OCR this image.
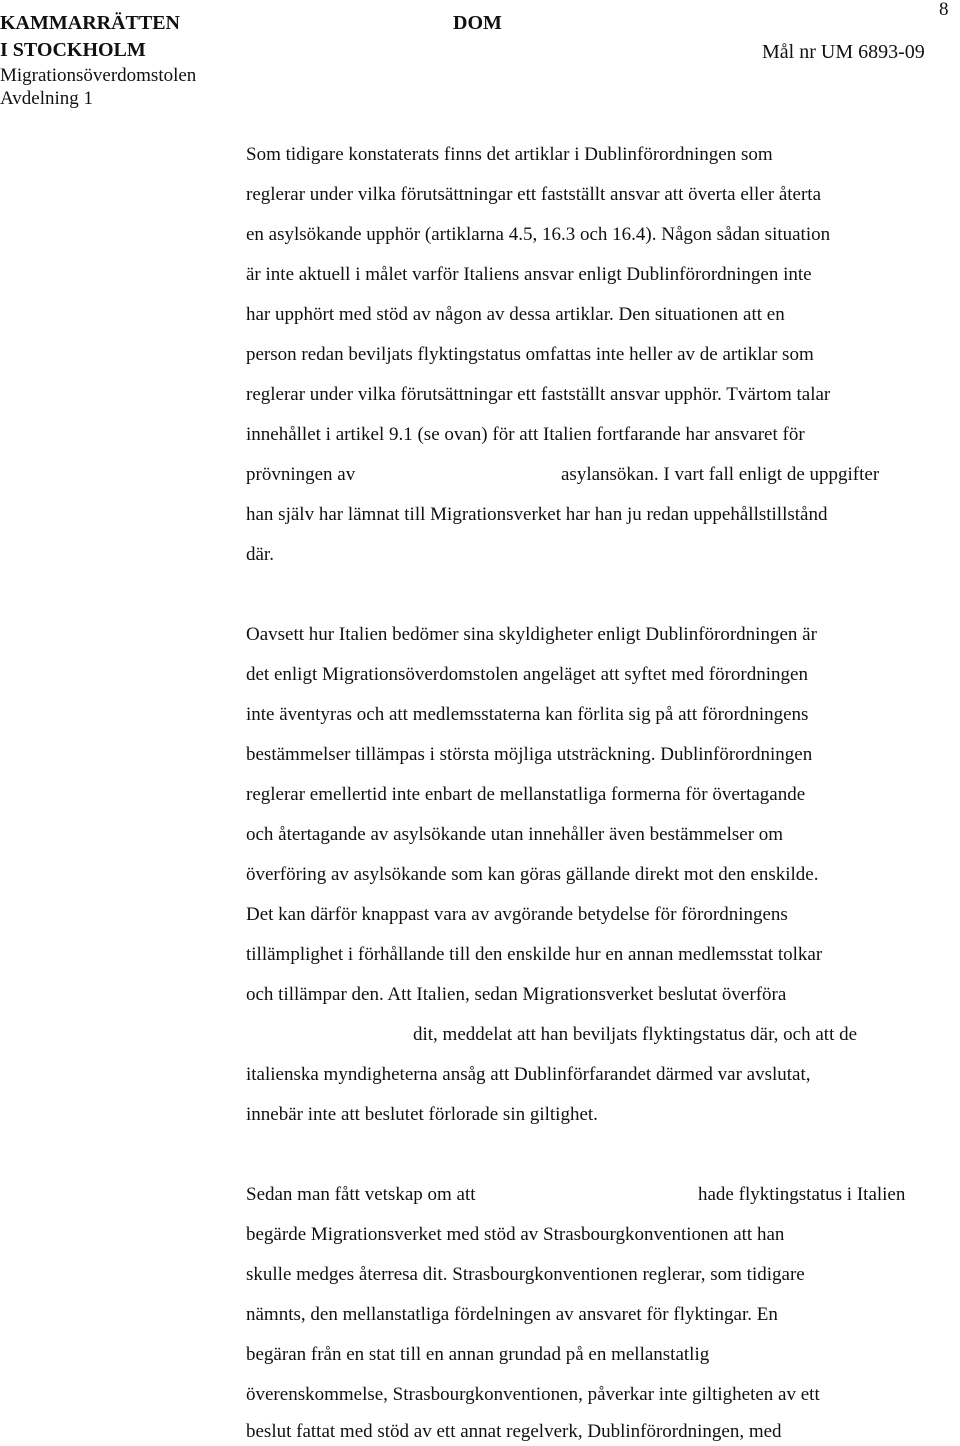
KAMMARRÄTTEN

I STOCKHOLM

Migrationsöverdomstolen

Avdelning 1

DOM

8

Mål nr UM 6893-09

Som tidigare konstaterats finns det artiklar i Dublinförordningen som

reglerar under vilka förutsättningar ett fastställt ansvar att överta eller återta

en asylsökande upphör (artiklarna 4.5, 16.3 och 16.4). Någon sådan situation

är inte aktuell i målet varför Italiens ansvar enligt Dublinförordningen inte

har upphört med stöd av någon av dessa artiklar. Den situationen att en

person redan beviljats flyktingstatus omfattas inte heller av de artiklar som

reglerar under vilka förutsättningar ett fastställt ansvar upphör. Tvärtom talar

innehållet i artikel 9.1 (se ovan) för att Italien fortfarande har ansvaret för

prövningen av	asylansökan. I vart fall enligt de uppgifter

han själv har lämnat till Migrationsverket har han ju redan uppehållstillstånd

där.

Oavsett hur Italien bedömer sina skyldigheter enligt Dublinförordningen är

det enligt Migrationsöverdomstolen angeläget att syftet med förordningen

inte äventyras och att medlemsstaterna kan förlita sig på att förordningens

bestämmelser tillämpas i största möjliga utsträckning. Dublinförordningen

reglerar emellertid inte enbart de mellanstatliga formerna för övertagande

och återtagande av asylsökande utan innehåller även bestämmelser om

överföring av asylsökande som kan göras gällande direkt mot den enskilde.

Det kan därför knappast vara av avgörande betydelse för förordningens

tillämplighet i förhållande till den enskilde hur en annan medlemsstat tolkar

och tillämpar den. Att Italien, sedan Migrationsverket beslutat överföra

dit, meddelat att han beviljats flyktingstatus där, och att de

italienska myndigheterna ansåg att Dublinförfarandet därmed var avslutat,

innebär inte att beslutet förlorade sin giltighet.

Sedan man fått vetskap om att	hade flyktingstatus i Italien

begärde Migrationsverket med stöd av Strasbourgkonventionen att han

skulle medges återresa dit. Strasbourgkonventionen reglerar, som tidigare

nämnts, den mellanstatliga fördelningen av ansvaret för flyktingar. En

begäran från en stat till en annan grundad på en mellanstatlig

överenskommelse, Strasbourgkonventionen, påverkar inte giltigheten av ett

beslut fattat med stöd av ett annat regelverk, Dublinförordningen, med
